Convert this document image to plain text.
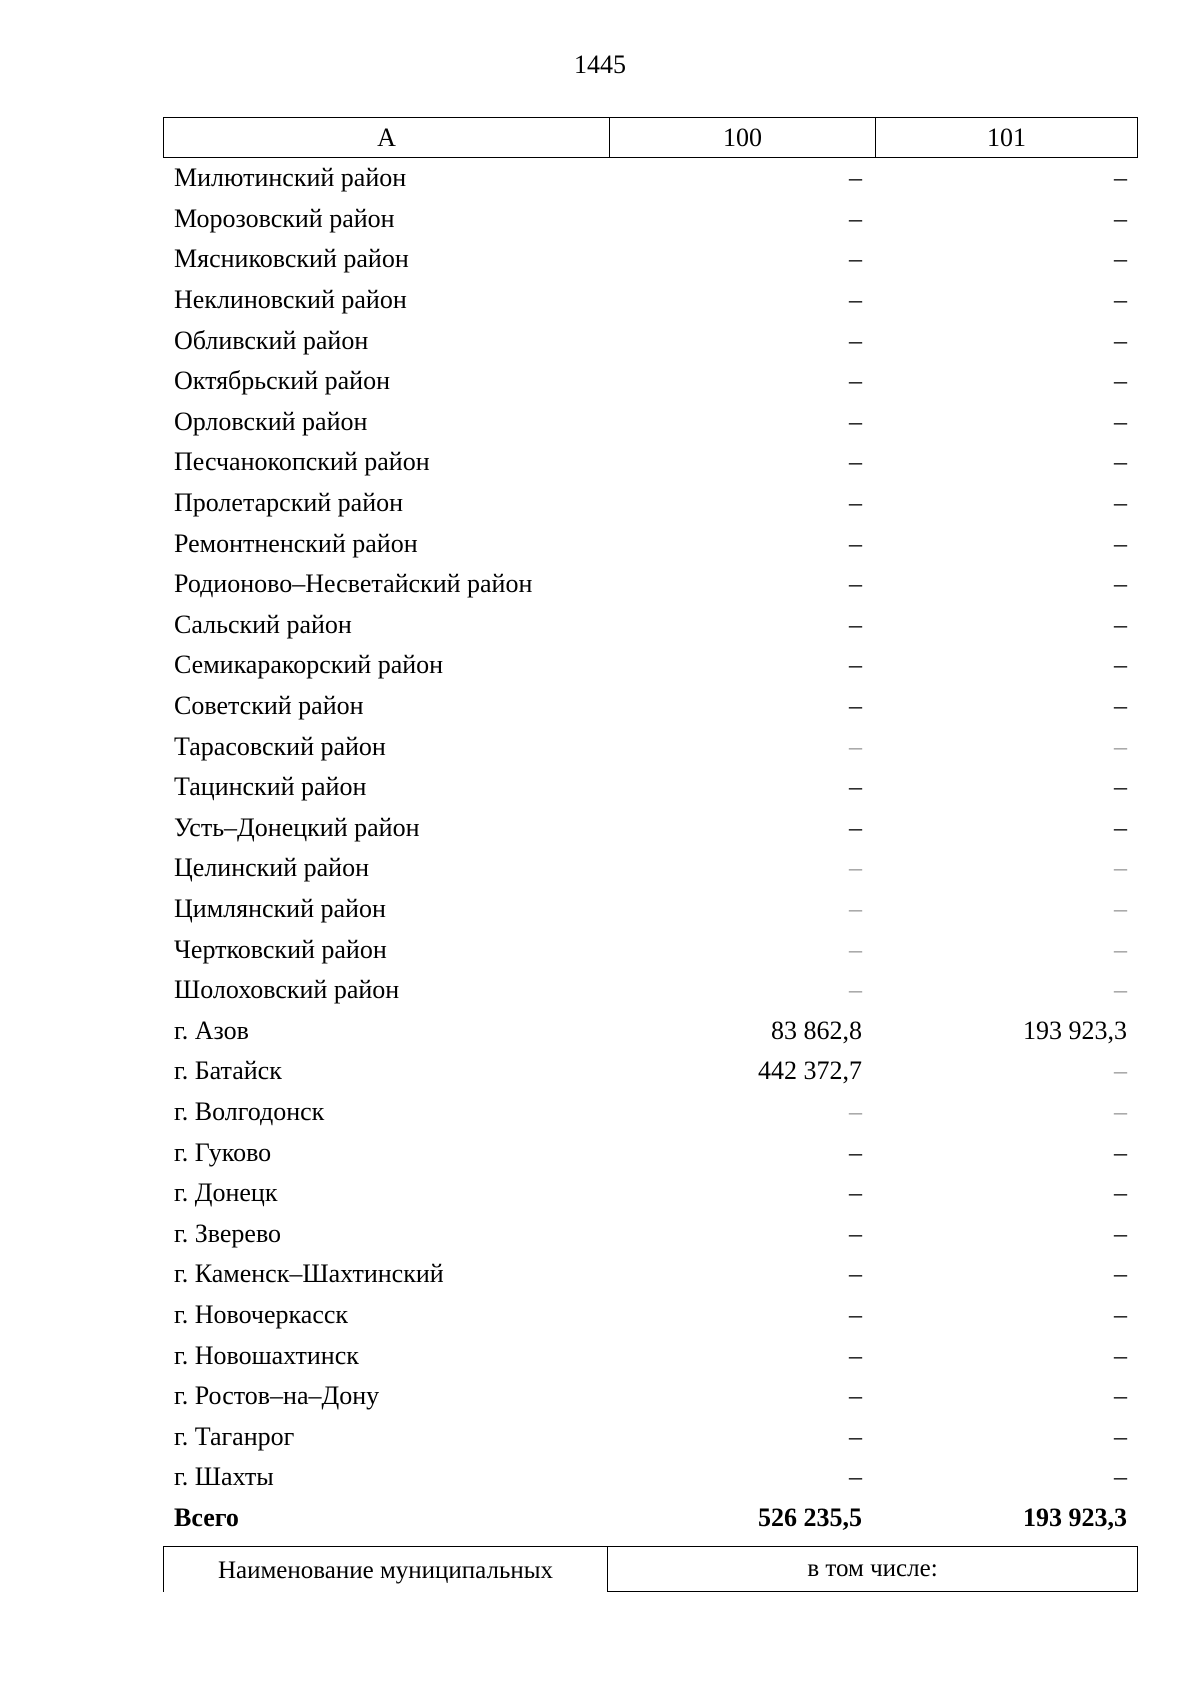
1445
А	100	101
Милютинский район	–	–
Морозовский район	–	–
Мясниковский район	–	–
Неклиновский район	–	–
Обливский район	–	–
Октябрьский район	–	–
Орловский район	–	–
Песчанокопский район	–	–
Пролетарский район	–	–
Ремонтненский район	–	–
Родионово–Несветайский район	–	–
Сальский район	–	–
Семикаракорский район	–	–
Советский район	–	–
Тарасовский район	–	–
Тацинский район	–	–
Усть–Донецкий район	–	–
Целинский район	–	–
Цимлянский район	–	–
Чертковский район	–	–
Шолоховский район	–	–
г. Азов	83 862,8	193 923,3
г. Батайск	442 372,7	–
г. Волгодонск	–	–
г. Гуково	–	–
г. Донецк	–	–
г. Зверево	–	–
г. Каменск–Шахтинский	–	–
г. Новочеркасск	–	–
г. Новошахтинск	–	–
г. Ростов–на–Дону	–	–
г. Таганрог	–	–
г. Шахты	–	–
Всего	526 235,5	193 923,3
Наименование муниципальных	в том числе:
